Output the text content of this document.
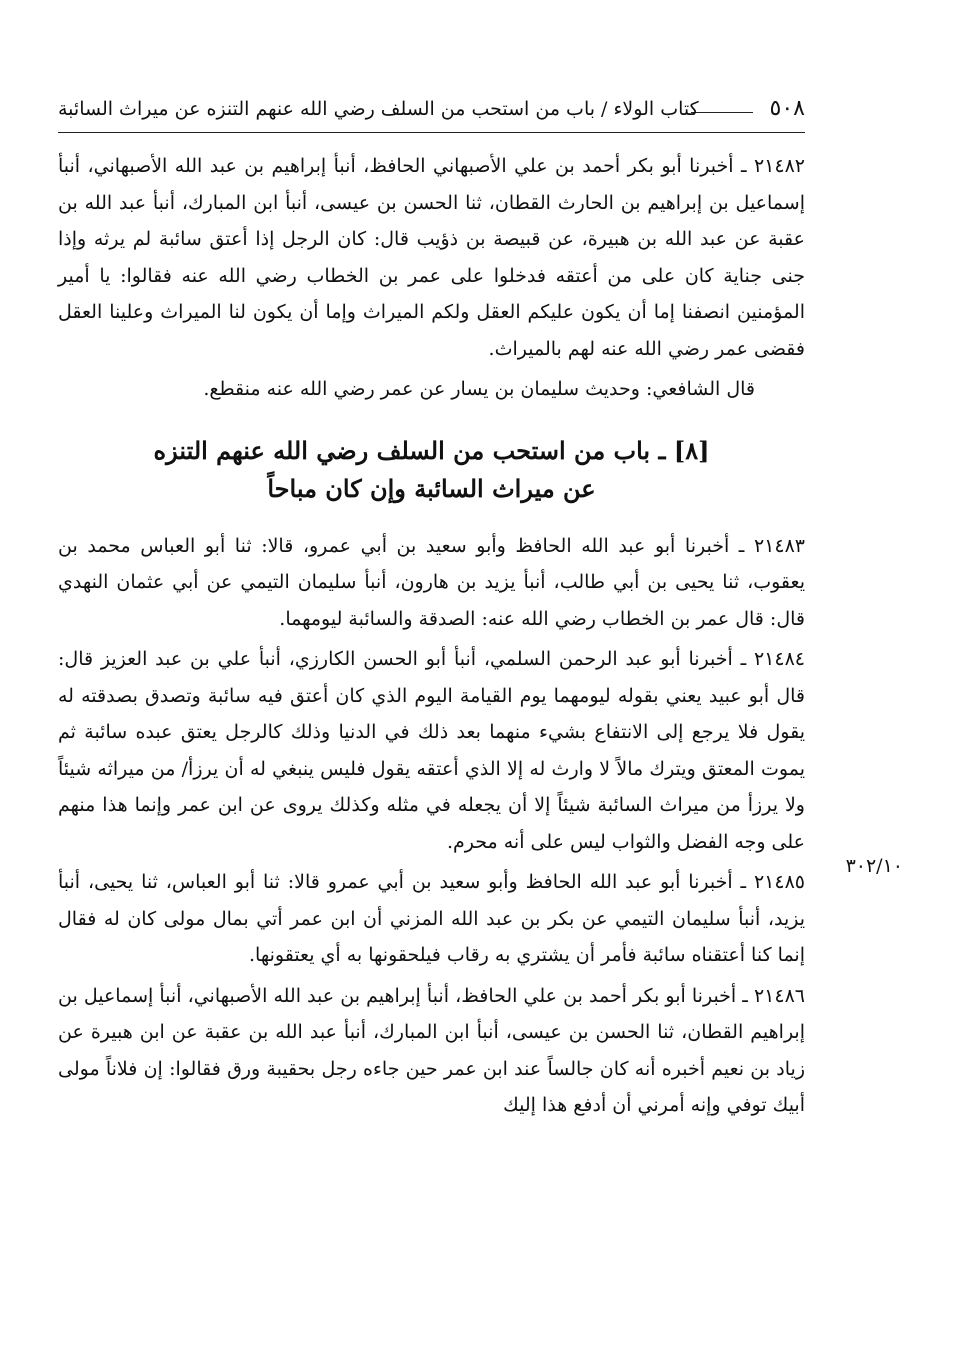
٥٠٨
كتاب الولاء / باب من استحب من السلف رضي الله عنهم التنزه عن ميراث السائبة

٢١٤٨٢ ـ أخبرنا أبو بكر أحمد بن علي الأصبهاني الحافظ، أنبأ إبراهيم بن عبد الله الأصبهاني، أنبأ إسماعيل بن إبراهيم بن الحارث القطان، ثنا الحسن بن عيسى، أنبأ ابن المبارك، أنبأ عبد الله بن عقبة عن عبد الله بن هبيرة، عن قبيصة بن ذؤيب قال: كان الرجل إذا أعتق سائبة لم يرثه وإذا جنى جناية كان على من أعتقه فدخلوا على عمر بن الخطاب رضي الله عنه فقالوا: يا أمير المؤمنين انصفنا إما أن يكون عليكم العقل ولكم الميراث وإما أن يكون لنا الميراث وعلينا العقل فقضى عمر رضي الله عنه لهم بالميراث.

قال الشافعي: وحديث سليمان بن يسار عن عمر رضي الله عنه منقطع.

[٨] ـ باب من استحب من السلف رضي الله عنهم التنزه
عن ميراث السائبة وإن كان مباحاً

٢١٤٨٣ ـ أخبرنا أبو عبد الله الحافظ وأبو سعيد بن أبي عمرو، قالا: ثنا أبو العباس محمد بن يعقوب، ثنا يحيى بن أبي طالب، أنبأ يزيد بن هارون، أنبأ سليمان التيمي عن أبي عثمان النهدي قال: قال عمر بن الخطاب رضي الله عنه: الصدقة والسائبة ليومهما.

٢١٤٨٤ ـ أخبرنا أبو عبد الرحمن السلمي، أنبأ أبو الحسن الكارزي، أنبأ علي بن عبد العزيز قال: قال أبو عبيد يعني بقوله ليومهما يوم القيامة اليوم الذي كان أعتق فيه سائبة وتصدق بصدقته له يقول فلا يرجع إلى الانتفاع بشيء منهما بعد ذلك في الدنيا وذلك كالرجل يعتق عبده سائبة ثم يموت المعتق ويترك مالاً لا وارث له إلا الذي أعتقه يقول فليس ينبغي له أن يرزأ/ من ميراثه شيئاً ولا يرزأ من ميراث السائبة شيئاً إلا أن يجعله في مثله وكذلك يروى عن ابن عمر وإنما هذا منهم على وجه الفضل والثواب ليس على أنه محرم.

٢١٤٨٥ ـ أخبرنا أبو عبد الله الحافظ وأبو سعيد بن أبي عمرو قالا: ثنا أبو العباس، ثنا يحيى، أنبأ يزيد، أنبأ سليمان التيمي عن بكر بن عبد الله المزني أن ابن عمر أتي بمال مولى كان له فقال إنما كنا أعتقناه سائبة فأمر أن يشتري به رقاب فيلحقونها به أي يعتقونها.

٢١٤٨٦ ـ أخبرنا أبو بكر أحمد بن علي الحافظ، أنبأ إبراهيم بن عبد الله الأصبهاني، أنبأ إسماعيل بن إبراهيم القطان، ثنا الحسن بن عيسى، أنبأ ابن المبارك، أنبأ عبد الله بن عقبة عن ابن هبيرة عن زياد بن نعيم أخبره أنه كان جالساً عند ابن عمر حين جاءه رجل بحقيبة ورق فقالوا: إن فلاناً مولى أبيك توفي وإنه أمرني أن أدفع هذا إليك

٣٠٢/١٠
